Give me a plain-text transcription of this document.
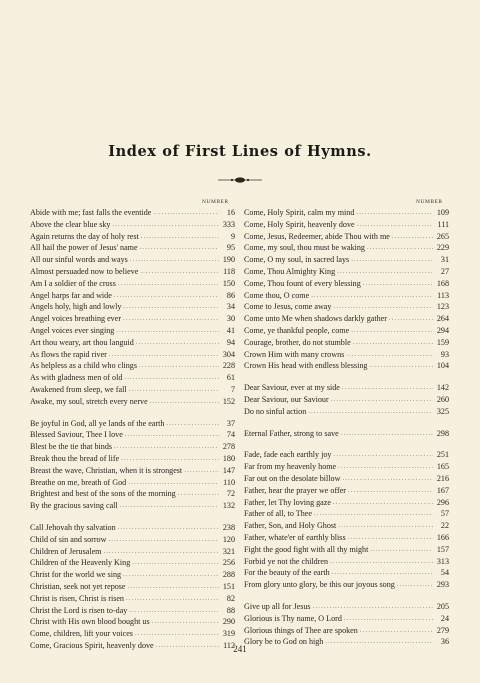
Index of First Lines of Hymns.
NUMBER	NUMBER
Abide with me; fast falls the eventide .....	16
Above the clear blue sky .....	333
Again returns the day of holy rest .....	9
All hail the power of Jesus' name .....	95
All our sinful words and ways .....	190
Almost persuaded now to believe .....	118
Am I a soldier of the cross .....	150
Angel harps far and wide .....	86
Angels holy, high and lowly .....	34
Angel voices breathing ever .....	30
Angel voices ever singing .....	41
Art thou weary, art thou languid .....	94
As flows the rapid river .....	304
As helpless as a child who clings .....	228
As with gladness men of old .....	61
Awakened from sleep, we fall .....	7
Awake, my soul, stretch every nerve .....	152
Be joyful in God, all ye lands of the earth .....	37
Blessed Saviour, Thee I love .....	74
Blest be the tie that binds .....	278
Break thou the bread of life .....	180
Breast the wave, Christian, when it is strongest .....	147
Breathe on me, breath of God .....	110
Brightest and best of the sons of the morning .....	72
By the gracious saving call .....	132
Call Jehovah thy salvation .....	238
Child of sin and sorrow .....	120
Children of Jerusalem .....	321
Children of the Heavenly King .....	256
Christ for the world we sing .....	288
Christian, seek not yet repose .....	151
Christ is risen, Christ is risen .....	82
Christ the Lord is risen to-day .....	88
Christ with His own blood bought us .....	290
Come, children, lift your voices .....	319
Come, Gracious Spirit, heavenly dove .....	112
Come, Holy Spirit, calm my mind .....	109
Come, Holy Spirit, heavenly dove .....	111
Come, Jesus, Redeemer, abide Thou with me .....	265
Come, my soul, thou must be waking .....	229
Come, O my soul, in sacred lays .....	31
Come, Thou Almighty King .....	27
Come, Thou fount of every blessing .....	168
Come thou, O come .....	113
Come to Jesus, come away .....	123
Come unto Me when shadows darkly gather .....	264
Come, ye thankful people, come .....	294
Courage, brother, do not stumble .....	159
Crown Him with many crowns .....	93
Crown His head with endless blessing .....	104
Dear Saviour, ever at my side .....	142
Dear Saviour, our Saviour .....	260
Do no sinful action .....	325
Eternal Father, strong to save .....	298
Fade, fade each earthly joy .....	251
Far from my heavenly home .....	165
Far out on the desolate billow .....	216
Father, hear the prayer we offer .....	167
Father, let Thy loving gaze .....	296
Father of all, to Thee .....	57
Father, Son, and Holy Ghost .....	22
Father, whate'er of earthly bliss .....	166
Fight the good fight with all thy might .....	157
Forbid ye not the children .....	313
For the beauty of the earth .....	54
From glory unto glory, be this our joyous song .....	293
Give up all for Jesus .....	205
Glorious is Thy name, O Lord .....	24
Glorious things of Thee are spoken .....	279
Glory be to God on high .....	36
241
